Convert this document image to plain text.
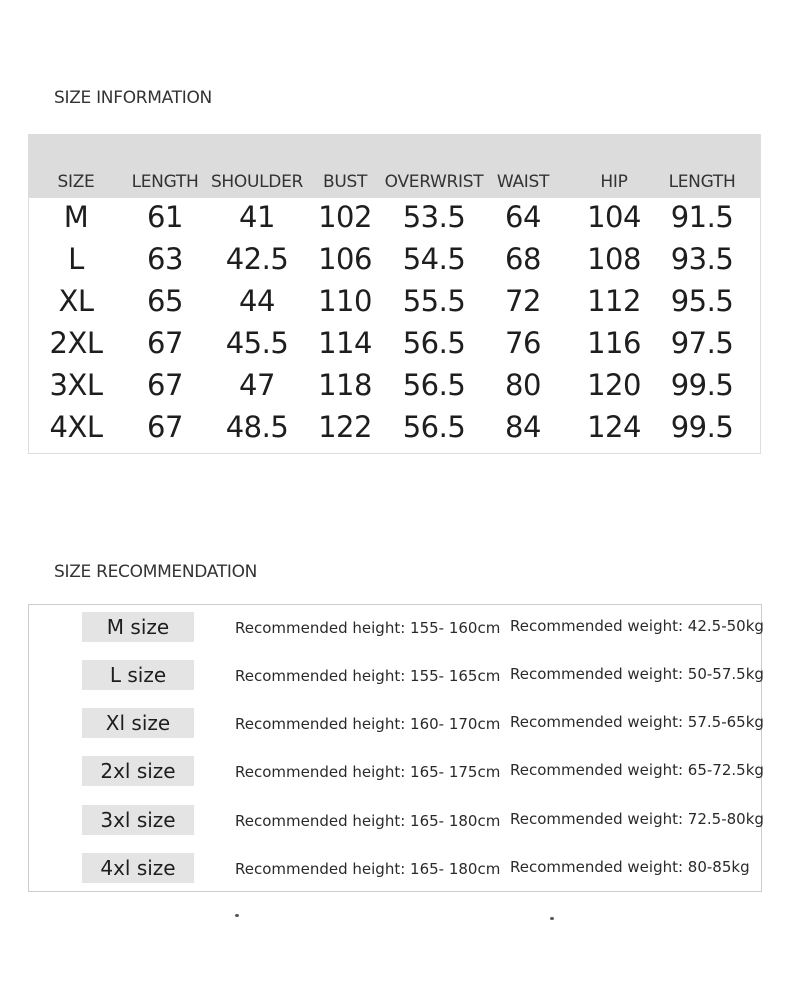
SIZE INFORMATION
SIZE LENGTH SHOULDER BUST OVERWRIST WAIST	HIP LENGTH
M 61 41 102 53.5 64 104 91.5
L 63 42.5 106 54.5 68 108 93.5
XL 65 44 110 55.5 72 112 95.5
2XL 67 45.5 114 56.5 76 116 97.5
3XL 67 47 118 56.5 80 120 99.5
4XL 67 48.5 122 56.5 84 124 99.5
SIZE RECOMMENDATION
M size	Recommended height: 155- 160cm Recommended weight: 42.5-50kg
L size	Recommended height: 155- 165cm Recommended weight: 50-57.5kg
Xl size	Recommended height: 160- 170cm Recommended weight: 57.5-65kg
2xl size	Recommended height: 165- 175cm Recommended weight: 65-72.5kg
3xl size	Recommended height: 165- 180cm Recommended weight: 72.5-80kg
4xl size	Recommended height: 165- 180cm Recommended weight: 80-85kg
